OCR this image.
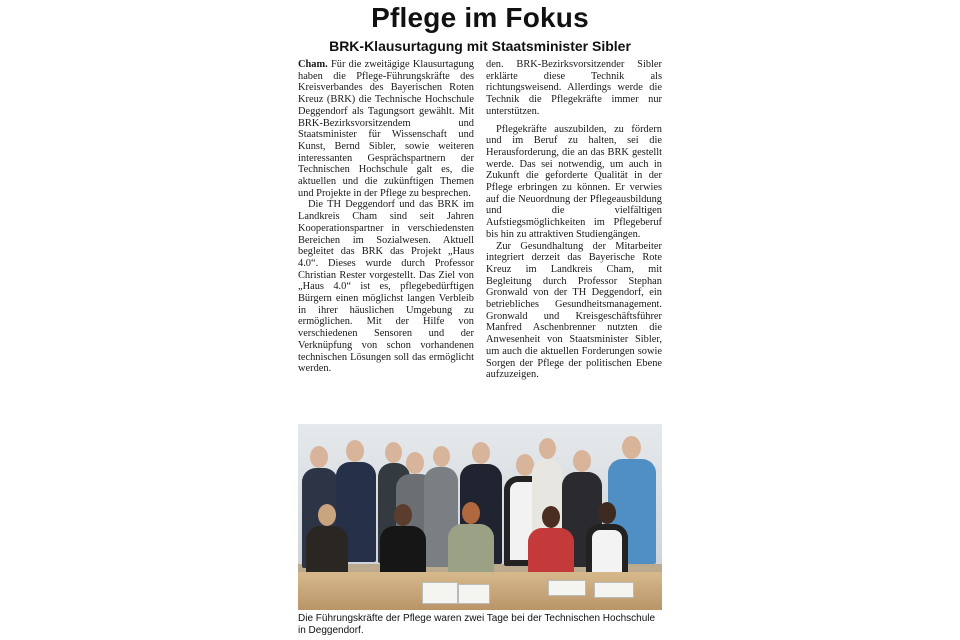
Pflege im Fokus
BRK-Klausurtagung mit Staatsminister Sibler

Cham. Für die zweitägige Klausurtagung haben die Pflege-Führungskräfte des Kreisverbandes des Bayerischen Roten Kreuz (BRK) die Technische Hochschule Deggendorf als Tagungsort gewählt. Mit BRK-Bezirksvorsitzendem und Staatsminister für Wissenschaft und Kunst, Bernd Sibler, sowie weiteren interessanten Gesprächspartnern der Technischen Hochschule galt es, die aktuellen und die zukünftigen Themen und Projekte in der Pflege zu besprechen.

Die TH Deggendorf und das BRK im Landkreis Cham sind seit Jahren Kooperationspartner in verschiedensten Bereichen im Sozialwesen. Aktuell begleitet das BRK das Projekt „Haus 4.0“. Dieses wurde durch Professor Christian Rester vorgestellt. Das Ziel von „Haus 4.0“ ist es, pflegebedürftigen Bürgern einen möglichst langen Verbleib in ihrer häuslichen Umgebung zu ermöglichen. Mit der Hilfe von verschiedenen Sensoren und der Verknüpfung von schon vorhandenen technischen Lösungen soll das ermöglicht werden.

den. BRK-Bezirksvorsitzender Sibler erklärte diese Technik als richtungsweisend. Allerdings werde die Technik die Pflegekräfte immer nur unterstützen.

Pflegekräfte auszubilden, zu fördern und im Beruf zu halten, sei die Herausforderung, die an das BRK gestellt werde. Das sei notwendig, um auch in Zukunft die geforderte Qualität in der Pflege erbringen zu können. Er verwies auf die Neuordnung der Pflegeausbildung und die vielfältigen Aufstiegsmöglichkeiten im Pflegeberuf bis hin zu attraktiven Studiengängen.

Zur Gesundhaltung der Mitarbeiter integriert derzeit das Bayerische Rote Kreuz im Landkreis Cham, mit Begleitung durch Professor Stephan Gronwald von der TH Deggendorf, ein betriebliches Gesundheitsmanagement. Gronwald und Kreisgeschäftsführer Manfred Aschenbrenner nutzten die Anwesenheit von Staatsminister Sibler, um auch die aktuellen Forderungen sowie Sorgen der Pflege der politischen Ebene aufzuzeigen.

Die Führungskräfte der Pflege waren zwei Tage bei der Technischen Hochschule in Deggendorf.
